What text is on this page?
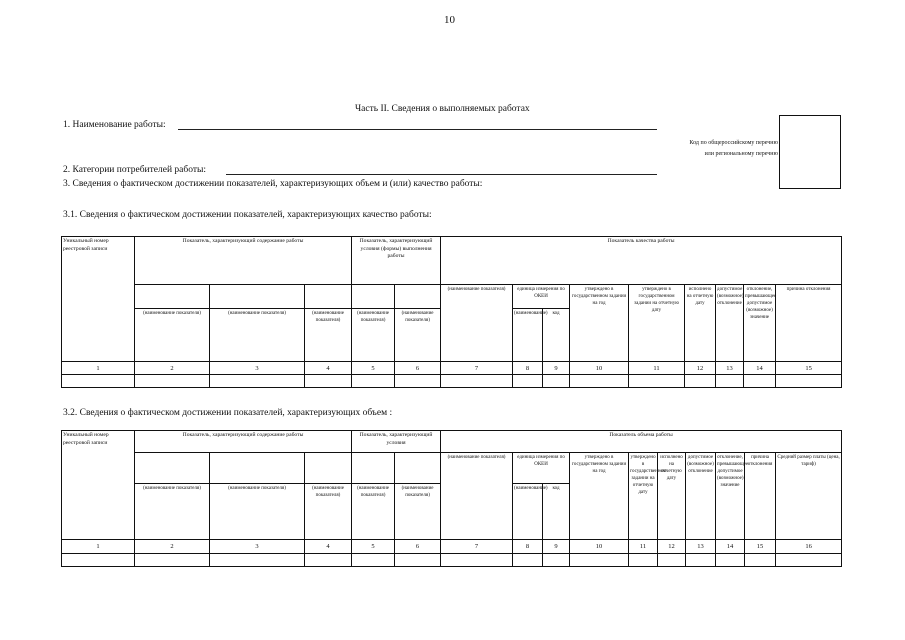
10
Часть II. Сведения о выполняемых работах
1. Наименование работы:
Код по общероссийскому перечню или региональному перечню
2. Категории потребителей работы:
3. Сведения о фактическом достижении показателей, характеризующих объем и (или) качество работы:
3.1. Сведения о фактическом достижении показателей, характеризующих качество работы:
Уникальный номер реестровой записи	Показатель, характеризующий содержание работы			Показатель, характеризующий условия (формы) выполнения работы		Показатель качества работы								
						(наименование показателя)	единица измерения по ОКЕИ		утверждено в государственном задании на год	утверждено в государственном задании на отчетную дату	исполнено на отчетную дату	допустимое (возможное) отклонение	отклонение, превышающее допустимое (возможное) значение	причина отклонения
	(наименование показателя)	(наименование показателя)	(наименование показателя)	(наименование показателя)	(наименование показателя)		(наименование)	код						
1	2	3	4	5	6	7	8	9	10	11	12	13	14	15

3.2. Сведения о фактическом достижении показателей, характеризующих объем :
Уникальный номер реестровой записи	Показатель, характеризующий содержание работы			Показатель, характеризующий условия		Показатель объема работы									
						(наименование показателя)	единица измерения по ОКЕИ		утверждено в государственном задании на год	утверждено в государственном задании на отчетную дату	исполнено на отчетную дату	допустимое (возможное) отклонение	отклонение, превышающее допустимое (возможное) значение	причина отклонения	Средний размер платы (цена, тариф)
	(наименование показателя)	(наименование показателя)	(наименование показателя)	(наименование показателя)	(наименование показателя)		(наименование)	код							
1	2	3	4	5	6	7	8	9	10	11	12	13	14	15	16
